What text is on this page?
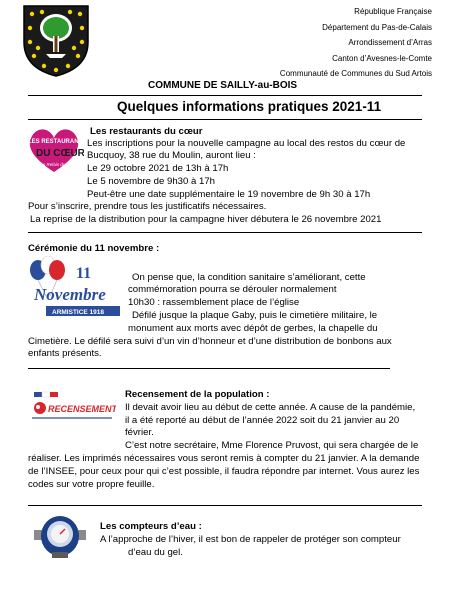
République Française
Département du Pas-de-Calais
Arrondissement d’Arras
Canton d’Avesnes-le-Comte
Communauté de Communes du Sud Artois
COMMUNE DE SAILLY-au-BOIS
Quelques informations pratiques 2021-11
LES RESTAURANTS
DU CŒUR
Les Relais du Cœur
Les restaurants du cœur
Les inscriptions pour la nouvelle campagne au local des restos du cœur de
Bucquoy, 38 rue du Moulin, auront lieu :
Le 29 octobre 2021 de 13h à 17h
Le 5 novembre de 9h30 à 17h
Peut-être une date supplémentaire le 19 novembre de 9h 30 à 17h
Pour s’inscrire, prendre tous les justificatifs nécessaires.
La reprise de la distribution pour la campagne hiver débutera le 26 novembre 2021
Cérémonie du 11 novembre :
11
Novembre
ARMISTICE 1918
On pense que, la condition sanitaire s’améliorant, cette
commémoration pourra se dérouler normalement
10h30 : rassemblement place de l’église
Défilé jusque la plaque Gaby, puis le cimetière militaire, le
monument aux morts avec dépôt de gerbes, la chapelle du
Cimetière. Le défilé sera suivi d’un vin d’honneur et d’une distribution de bonbons aux
enfants présents.
RECENSEMENT
Recensement de la population :
Il devait avoir lieu au début de cette année. A cause de la pandémie,
il a été reporté au début de l’année 2022 soit du 21 janvier au 20
février.
C’est notre secrétaire, Mme Florence Pruvost, qui sera chargée de le
réaliser. Les imprimés nécessaires vous seront remis à compter du 21 janvier. A la demande
de l’INSEE, pour ceux pour qui c’est possible, il faudra répondre par internet. Vous aurez les
codes sur votre propre feuille.
Les compteurs d’eau :
A l’approche de l’hiver, il est bon de rappeler de protéger son compteur
d’eau du gel.
